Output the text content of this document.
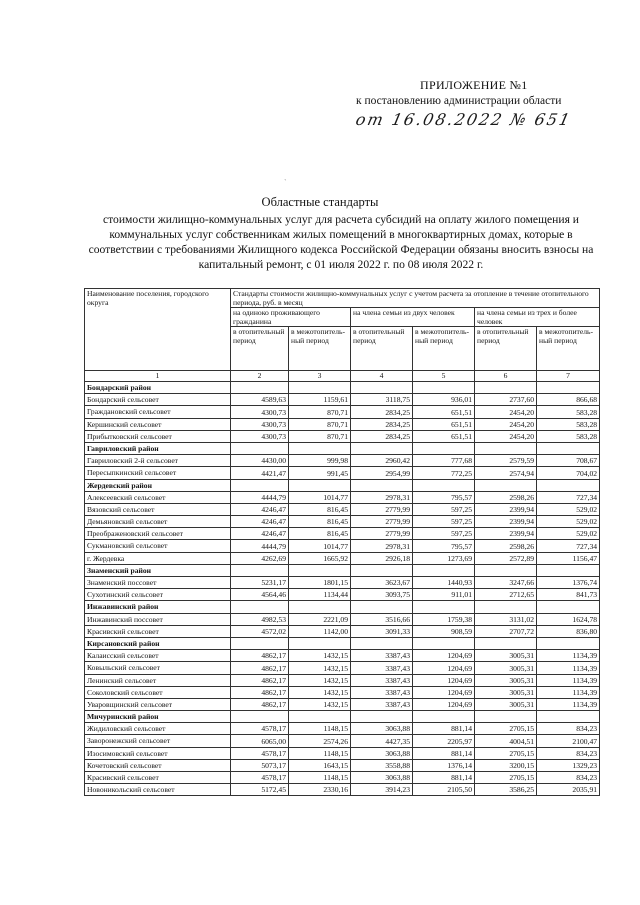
`
ПРИЛОЖЕНИЕ №1
к постановлению администрации области
от 16.08.2022 № 651
Областные стандарты
стоимости жилищно-коммунальных услуг для расчета субсидий на оплату жилого помещения и коммунальных услуг собственникам жилых помещений в многоквартирных домах, которые в соответствии с требованиями Жилищного кодекса Российской Федерации обязаны вносить взносы на капитальный ремонт, с 01 июля 2022 г. по 08 июля 2022 г.
Наименование поселения, городского округа	Стандарты стоимости жилищно-коммунальных услуг с учетом расчета за отопление в течение отопительного периода, руб. в месяц					
	на одиноко проживающего гражданина		на члена семьи из двух человек		на члена семьи из трех и более человек	
	в отопительный период	в межотопитель-ный период	в отопительный период	в межотопитель-ный период	в отопительный период	в межотопитель-ный период
1	2	3	4	5	6	7
Бондарский район						
Бондарский сельсовет	4589,63	1159,61	3118,75	936,01	2737,60	866,68
Граждановский сельсовет	4300,73	870,71	2834,25	651,51	2454,20	583,28
Кершинский сельсовет	4300,73	870,71	2834,25	651,51	2454,20	583,28
Прибытковский сельсовет	4300,73	870,71	2834,25	651,51	2454,20	583,28
Гавриловский район						
Гавриловский 2-й сельсовет	4430,00	999,98	2960,42	777,68	2579,59	708,67
Пересыпкинский сельсовет	4421,47	991,45	2954,99	772,25	2574,94	704,02
Жердевский район						
Алексеевский сельсовет	4444,79	1014,77	2978,31	795,57	2598,26	727,34
Вязовский сельсовет	4246,47	816,45	2779,99	597,25	2399,94	529,02
Демьяновский сельсовет	4246,47	816,45	2779,99	597,25	2399,94	529,02
Преображеновский сельсовет	4246,47	816,45	2779,99	597,25	2399,94	529,02
Сукмановский сельсовет	4444,79	1014,77	2978,31	795,57	2598,26	727,34
г. Жердевка	4262,69	1665,92	2926,18	1273,69	2572,89	1156,47
Знаменский район						
Знаменский поссовет	5231,17	1801,15	3623,67	1440,93	3247,66	1376,74
Сухотинский сельсовет	4564,46	1134,44	3093,75	911,01	2712,65	841,73
Инжавинский район						
Инжавинский поссовет	4982,53	2221,09	3516,66	1759,38	3131,02	1624,78
Красивский сельсовет	4572,02	1142,00	3091,33	908,59	2707,72	836,80
Кирсановский район						
Калаисский сельсовет	4862,17	1432,15	3387,43	1204,69	3005,31	1134,39
Ковыльский сельсовет	4862,17	1432,15	3387,43	1204,69	3005,31	1134,39
Ленинский сельсовет	4862,17	1432,15	3387,43	1204,69	3005,31	1134,39
Соколовский сельсовет	4862,17	1432,15	3387,43	1204,69	3005,31	1134,39
Уваровщинский сельсовет	4862,17	1432,15	3387,43	1204,69	3005,31	1134,39
Мичуринский район						
Жидиловский сельсовет	4578,17	1148,15	3063,88	881,14	2705,15	834,23
Заворонежский сельсовет	6065,00	2574,26	4427,35	2205,97	4004,51	2100,47
Изосимовский сельсовет	4578,17	1148,15	3063,88	881,14	2705,15	834,23
Кочетовский сельсовет	5073,17	1643,15	3558,88	1376,14	3200,15	1329,23
Красивский сельсовет	4578,17	1148,15	3063,88	881,14	2705,15	834,23
Новоникольский сельсовет	5172,45	2330,16	3914,23	2105,50	3586,25	2035,91
